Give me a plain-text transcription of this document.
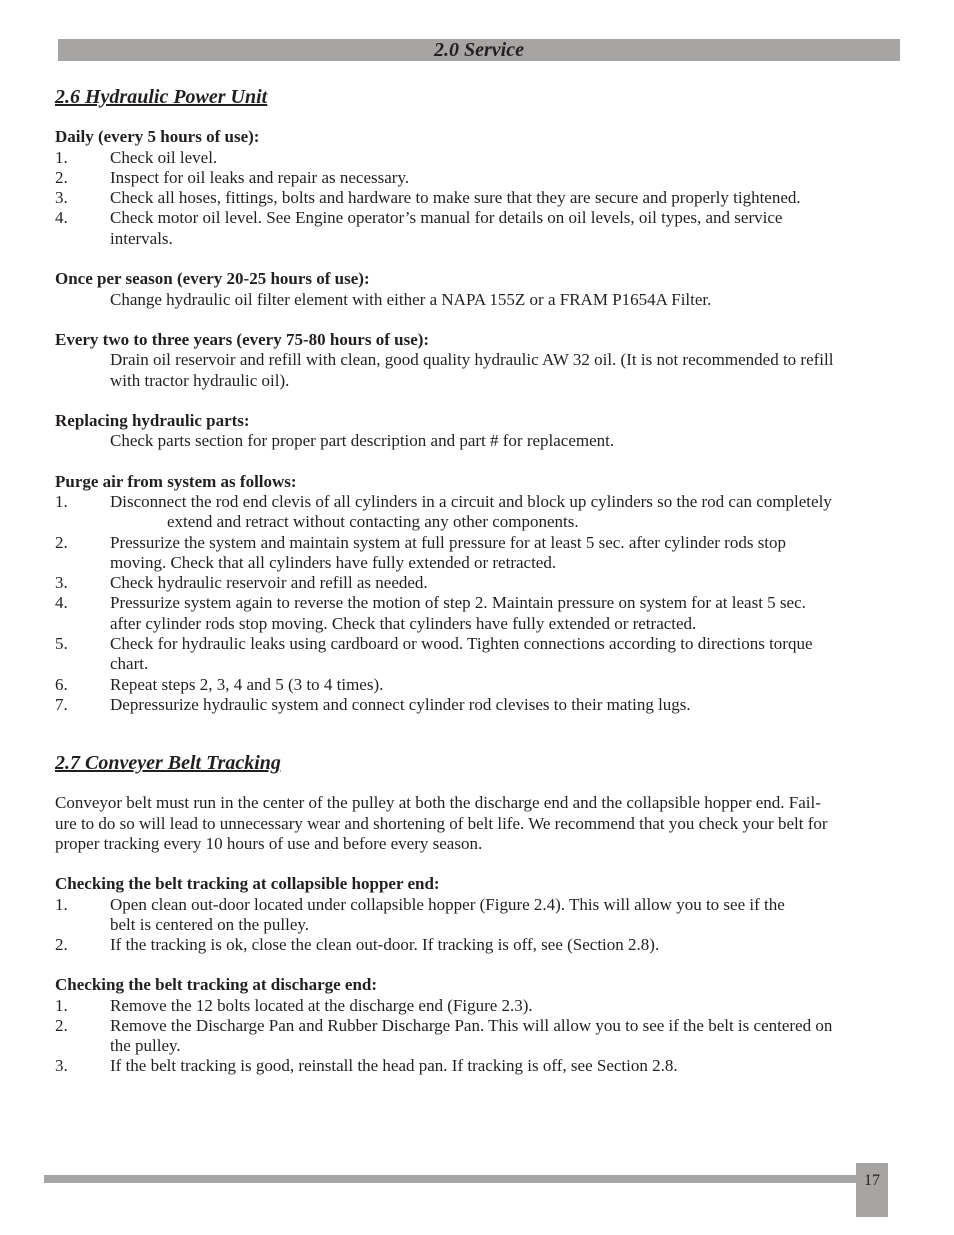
2.0 Service
2.6 Hydraulic Power Unit
Daily (every 5 hours of use):
1. Check oil level.
2. Inspect for oil leaks and repair as necessary.
3. Check all hoses, fittings, bolts and hardware to make sure that they are secure and properly tightened.
4. Check motor oil level. See Engine operator’s manual for details on oil levels, oil types, and service
intervals.
Once per season (every 20-25 hours of use):
Change hydraulic oil filter element with either a NAPA 155Z or a FRAM P1654A Filter.
Every two to three years (every 75-80 hours of use):
Drain oil reservoir and refill with clean, good quality hydraulic AW 32 oil. (It is not recommended to refill
with tractor hydraulic oil).
Replacing hydraulic parts:
Check parts section for proper part description and part # for replacement.
Purge air from system as follows:
1. Disconnect the rod end clevis of all cylinders in a circuit and block up cylinders so the rod can completely
extend and retract without contacting any other components.
2. Pressurize the system and maintain system at full pressure for at least 5 sec. after cylinder rods stop
moving. Check that all cylinders have fully extended or retracted.
3. Check hydraulic reservoir and refill as needed.
4. Pressurize system again to reverse the motion of step 2. Maintain pressure on system for at least 5 sec.
after cylinder rods stop moving. Check that cylinders have fully extended or retracted.
5. Check for hydraulic leaks using cardboard or wood. Tighten connections according to directions torque
chart.
6. Repeat steps 2, 3, 4 and 5 (3 to 4 times).
7. Depressurize hydraulic system and connect cylinder rod clevises to their mating lugs.
2.7 Conveyer Belt Tracking
Conveyor belt must run in the center of the pulley at both the discharge end and the collapsible hopper end. Fail-
ure to do so will lead to unnecessary wear and shortening of belt life. We recommend that you check your belt for
proper tracking every 10 hours of use and before every season.
Checking the belt tracking at collapsible hopper end:
1. Open clean out-door located under collapsible hopper (Figure 2.4). This will allow you to see if the
belt is centered on the pulley.
2. If the tracking is ok, close the clean out-door. If tracking is off, see (Section 2.8).
Checking the belt tracking at discharge end:
1. Remove the 12 bolts located at the discharge end (Figure 2.3).
2. Remove the Discharge Pan and Rubber Discharge Pan. This will allow you to see if the belt is centered on
the pulley.
3. If the belt tracking is good, reinstall the head pan. If tracking is off, see Section 2.8.
17
